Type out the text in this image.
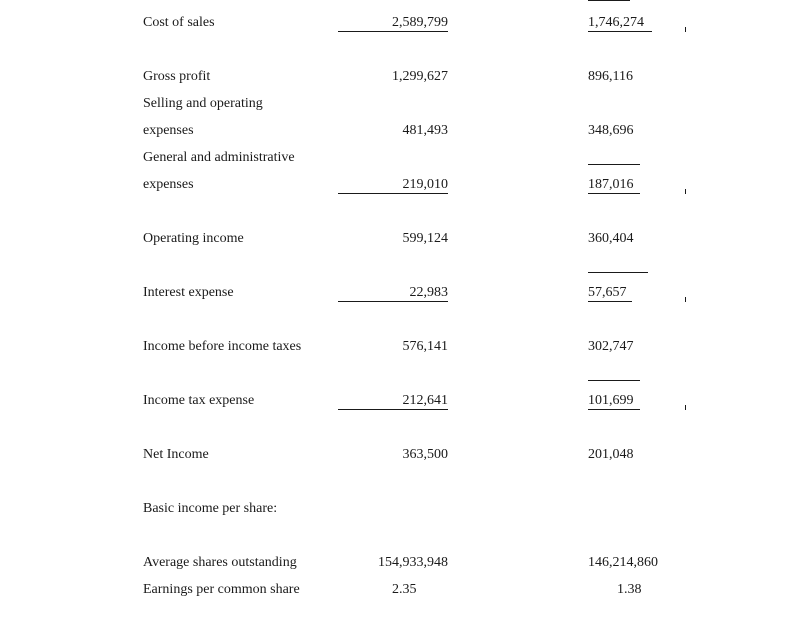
Cost of sales	2,589,799	1,746,274
Gross profit	1,299,627	896,116
Selling and operating
expenses	481,493	348,696
General and administrative
expenses	219,010	187,016
Operating income	599,124	360,404
Interest expense	22,983	57,657
Income before income taxes	576,141	302,747
Income tax expense	212,641	101,699
Net Income	363,500	201,048
Basic income per share:
Average shares outstanding	154,933,948	146,214,860
Earnings per common share	2.35	1.38
